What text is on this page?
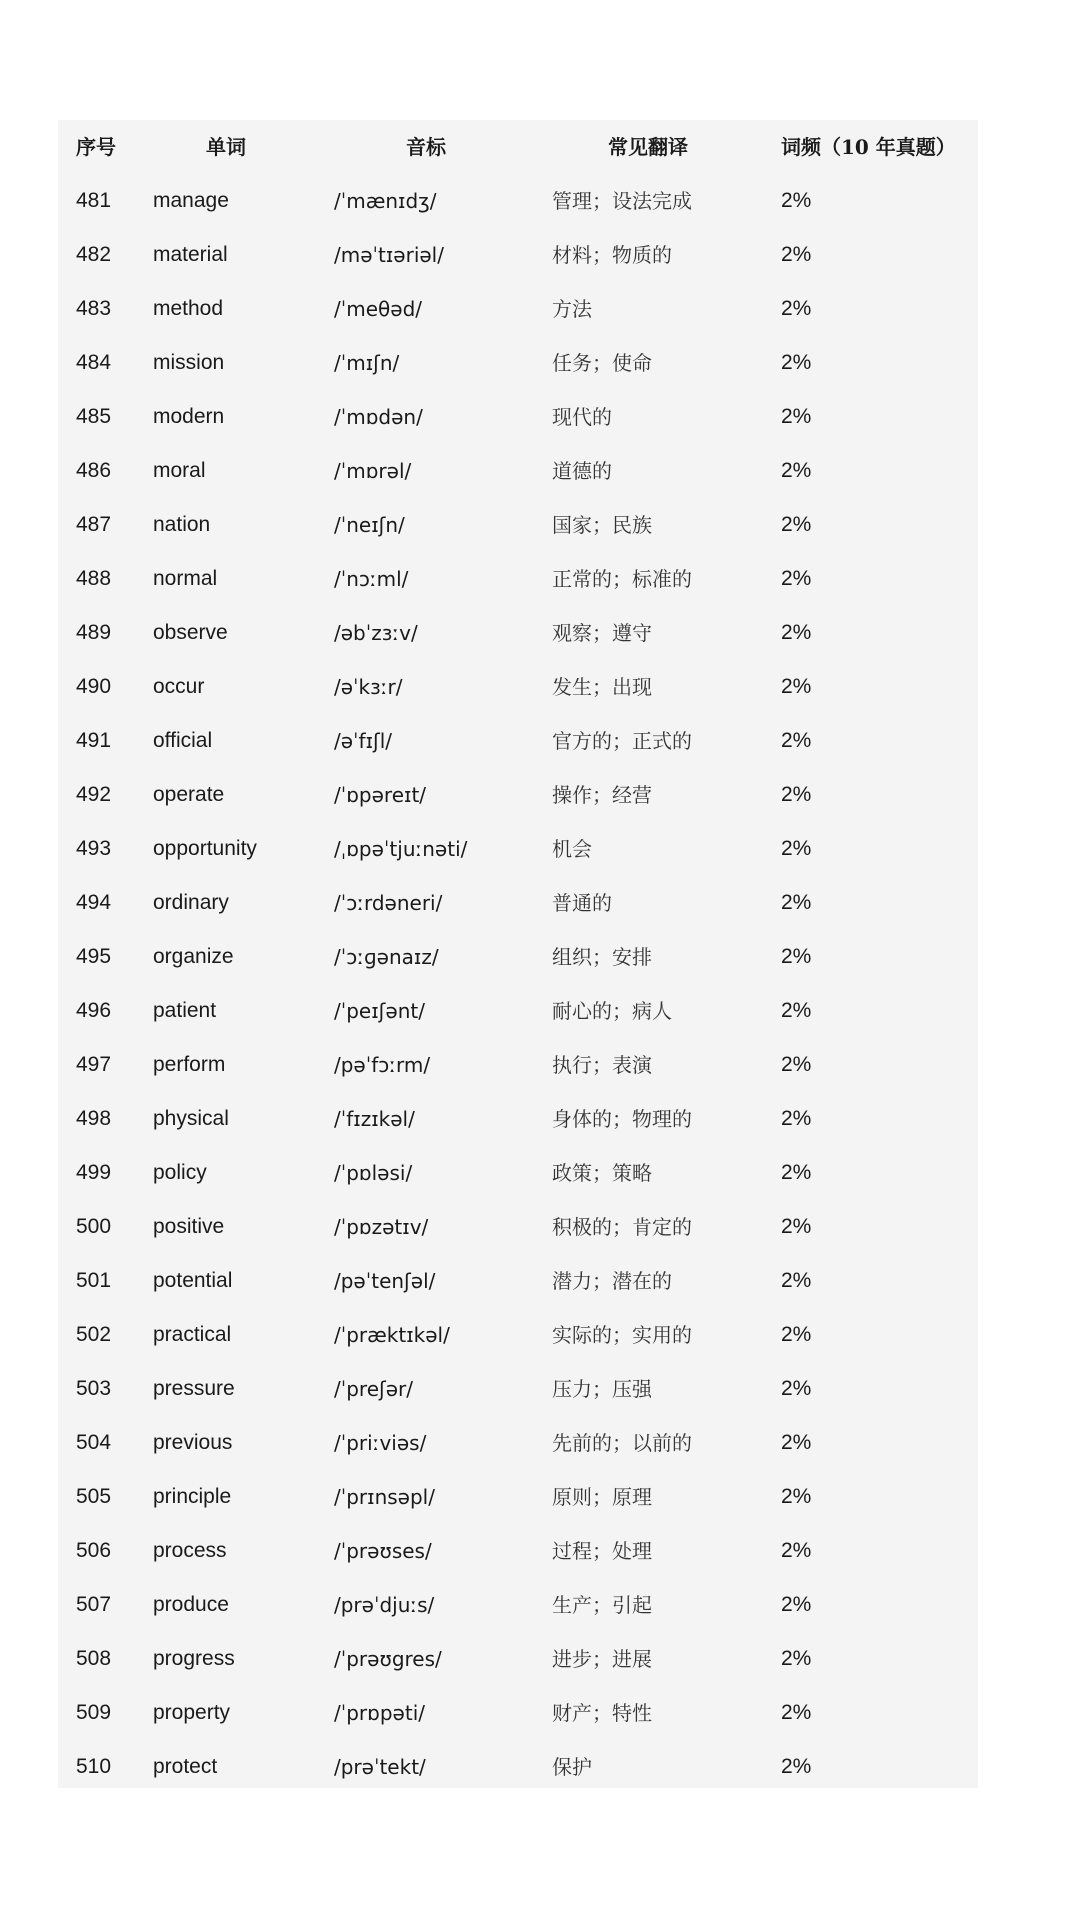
序号	单词	音标	常见翻译	词频（10 年真题）
481 manage	/ˈmænɪdʒ/	管理；设法完成	2%
482 material	/məˈtɪəriəl/	材料；物质的	2%
483 method	/ˈmeθəd/	方法	2%
484 mission	/ˈmɪʃn/	任务；使命	2%
485 modern	/ˈmɒdən/	现代的	2%
486 moral	/ˈmɒrəl/	道德的	2%
487 nation	/ˈneɪʃn/	国家；民族	2%
488 normal	/ˈnɔːml/	正常的；标准的	2%
489 observe	/əbˈzɜːv/	观察；遵守	2%
490 occur	/əˈkɜːr/	发生；出现	2%
491 official	/əˈfɪʃl/	官方的；正式的	2%
492 operate	/ˈɒpəreɪt/	操作；经营	2%
493 opportunity	/ˌɒpəˈtjuːnəti/	机会	2%
494 ordinary	/ˈɔːrdəneri/	普通的	2%
495 organize	/ˈɔːɡənaɪz/	组织；安排	2%
496 patient	/ˈpeɪʃənt/	耐心的；病人	2%
497 perform	/pəˈfɔːrm/	执行；表演	2%
498 physical	/ˈfɪzɪkəl/	身体的；物理的	2%
499 policy	/ˈpɒləsi/	政策；策略	2%
500 positive	/ˈpɒzətɪv/	积极的；肯定的	2%
501 potential	/pəˈtenʃəl/	潜力；潜在的	2%
502 practical	/ˈpræktɪkəl/	实际的；实用的	2%
503 pressure	/ˈpreʃər/	压力；压强	2%
504 previous	/ˈpriːviəs/	先前的；以前的	2%
505 principle	/ˈprɪnsəpl/	原则；原理	2%
506 process	/ˈprəʊses/	过程；处理	2%
507 produce	/prəˈdjuːs/	生产；引起	2%
508 progress	/ˈprəʊgres/	进步；进展	2%
509 property	/ˈprɒpəti/	财产；特性	2%
510 protect	/prəˈtekt/	保护	2%
